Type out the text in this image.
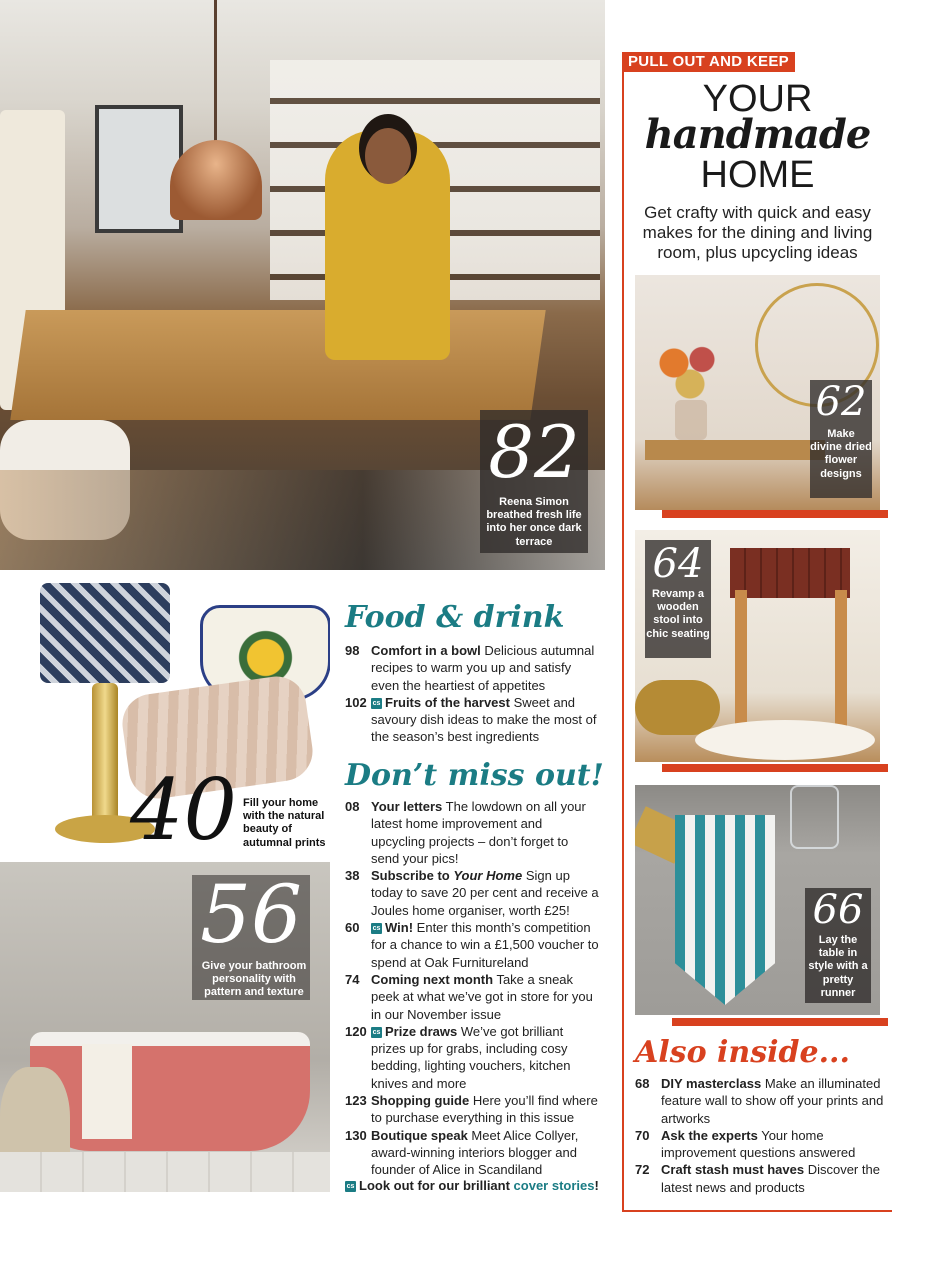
82
Reena Simon breathed fresh life into her once dark terrace
40 Fill your home with the natural beauty of autumnal prints
56
Give your bathroom personality with pattern and texture
62
Make divine dried flower designs
64
Revamp a wooden stool into chic seating
66
Lay the table in style with a pretty runner
PULL OUT AND KEEP
YOUR
handmade
HOME
Get crafty with quick and easy makes for the dining and living room, plus upcycling ideas
Food & drink

98 Comfort in a bowl Delicious autumnal recipes to warm you up and satisfy even the heartiest of appetites

102 cs Fruits of the harvest Sweet and savoury dish ideas to make the most of the season’s best ingredients

Don’t miss out!

08 Your letters The lowdown on all your latest home improvement and upcycling projects – don’t forget to send your pics!

38 Subscribe to Your Home Sign up today to save 20 per cent and receive a Joules home organiser, worth £25!

60 cs Win! Enter this month’s competition for a chance to win a £1,500 voucher to spend at Oak Furnitureland

74 Coming next month Take a sneak peek at what we’ve got in store for you in our November issue

120 cs Prize draws We’ve got brilliant prizes up for grabs, including cosy bedding, lighting vouchers, kitchen knives and more

123 Shopping guide Here you’ll find where to purchase everything in this issue

130 Boutique speak Meet Alice Collyer, award-winning interiors blogger and founder of Alice in Scandiland

cs Look out for our brilliant cover stories!
Also inside...

68 DIY masterclass Make an illuminated feature wall to show off your prints and artworks

70 Ask the experts Your home improvement questions answered

72 Craft stash must haves Discover the latest news and products
